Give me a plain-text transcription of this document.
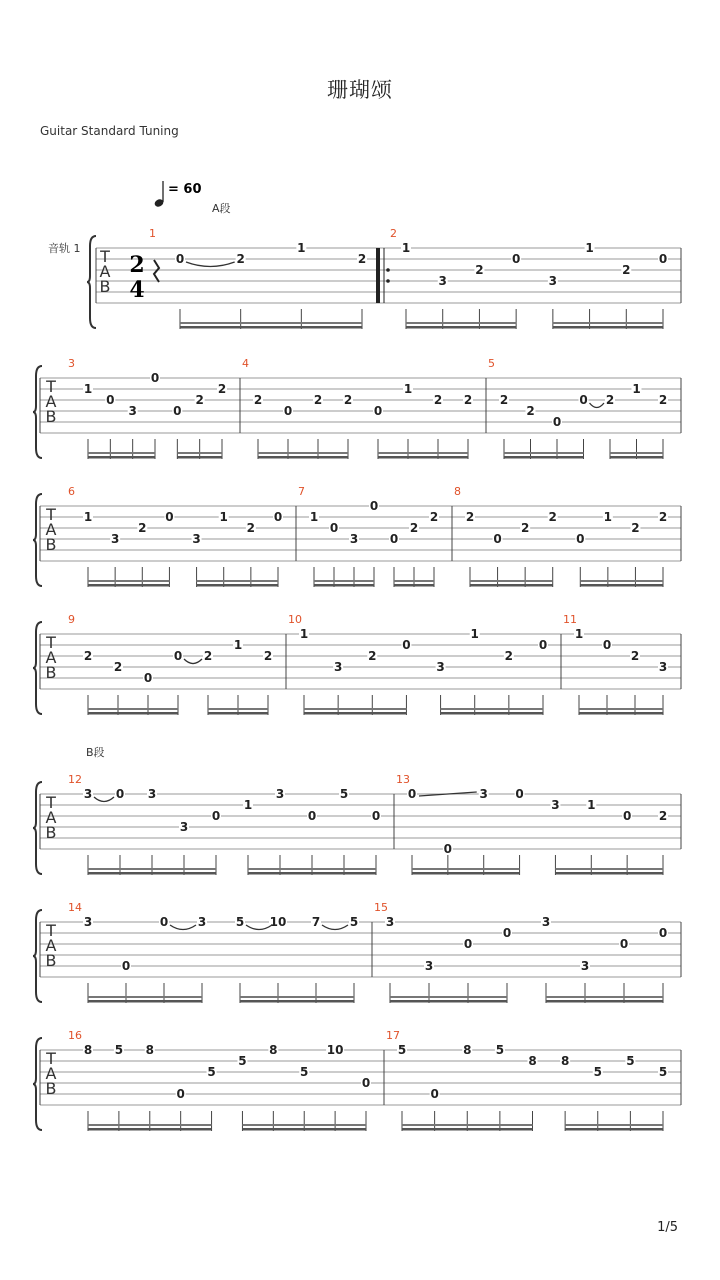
珊瑚颂
Guitar Standard Tuning
T
A
B
音轨 1
2
4
= 60
A段
1
0	2
1
2
2
1
3
2
0
3
1
2
0
T
A
B
3
1
0
3
0
0
2
2
4
2
0
2 2
0
1
2 2
5
2
2
0
0 2
1
2
T
A
B
6
1
3
2
0
3
1
2
0
7
1
0
3
0
0
2
2
8
2
0
2
2
0
1
2
2
T
A
B
9
2
2
0
0 2
1
2
10
1
3
2
0
3
1
2
0
11
1
0
2
3
T
A
B
B段
12
3 0 3
3
0
1
3
0
5
0
13
0
0
3 0
3 1
0 2
T
A
B
14
3
0
0 3 5 10 7 5
15
3
3
0
0
3
3
0
0
T
A
B
16
8 5 8
0
5
5
8
5
10
0
17
5
0
8 5
8 8
5
5
5
1/5
